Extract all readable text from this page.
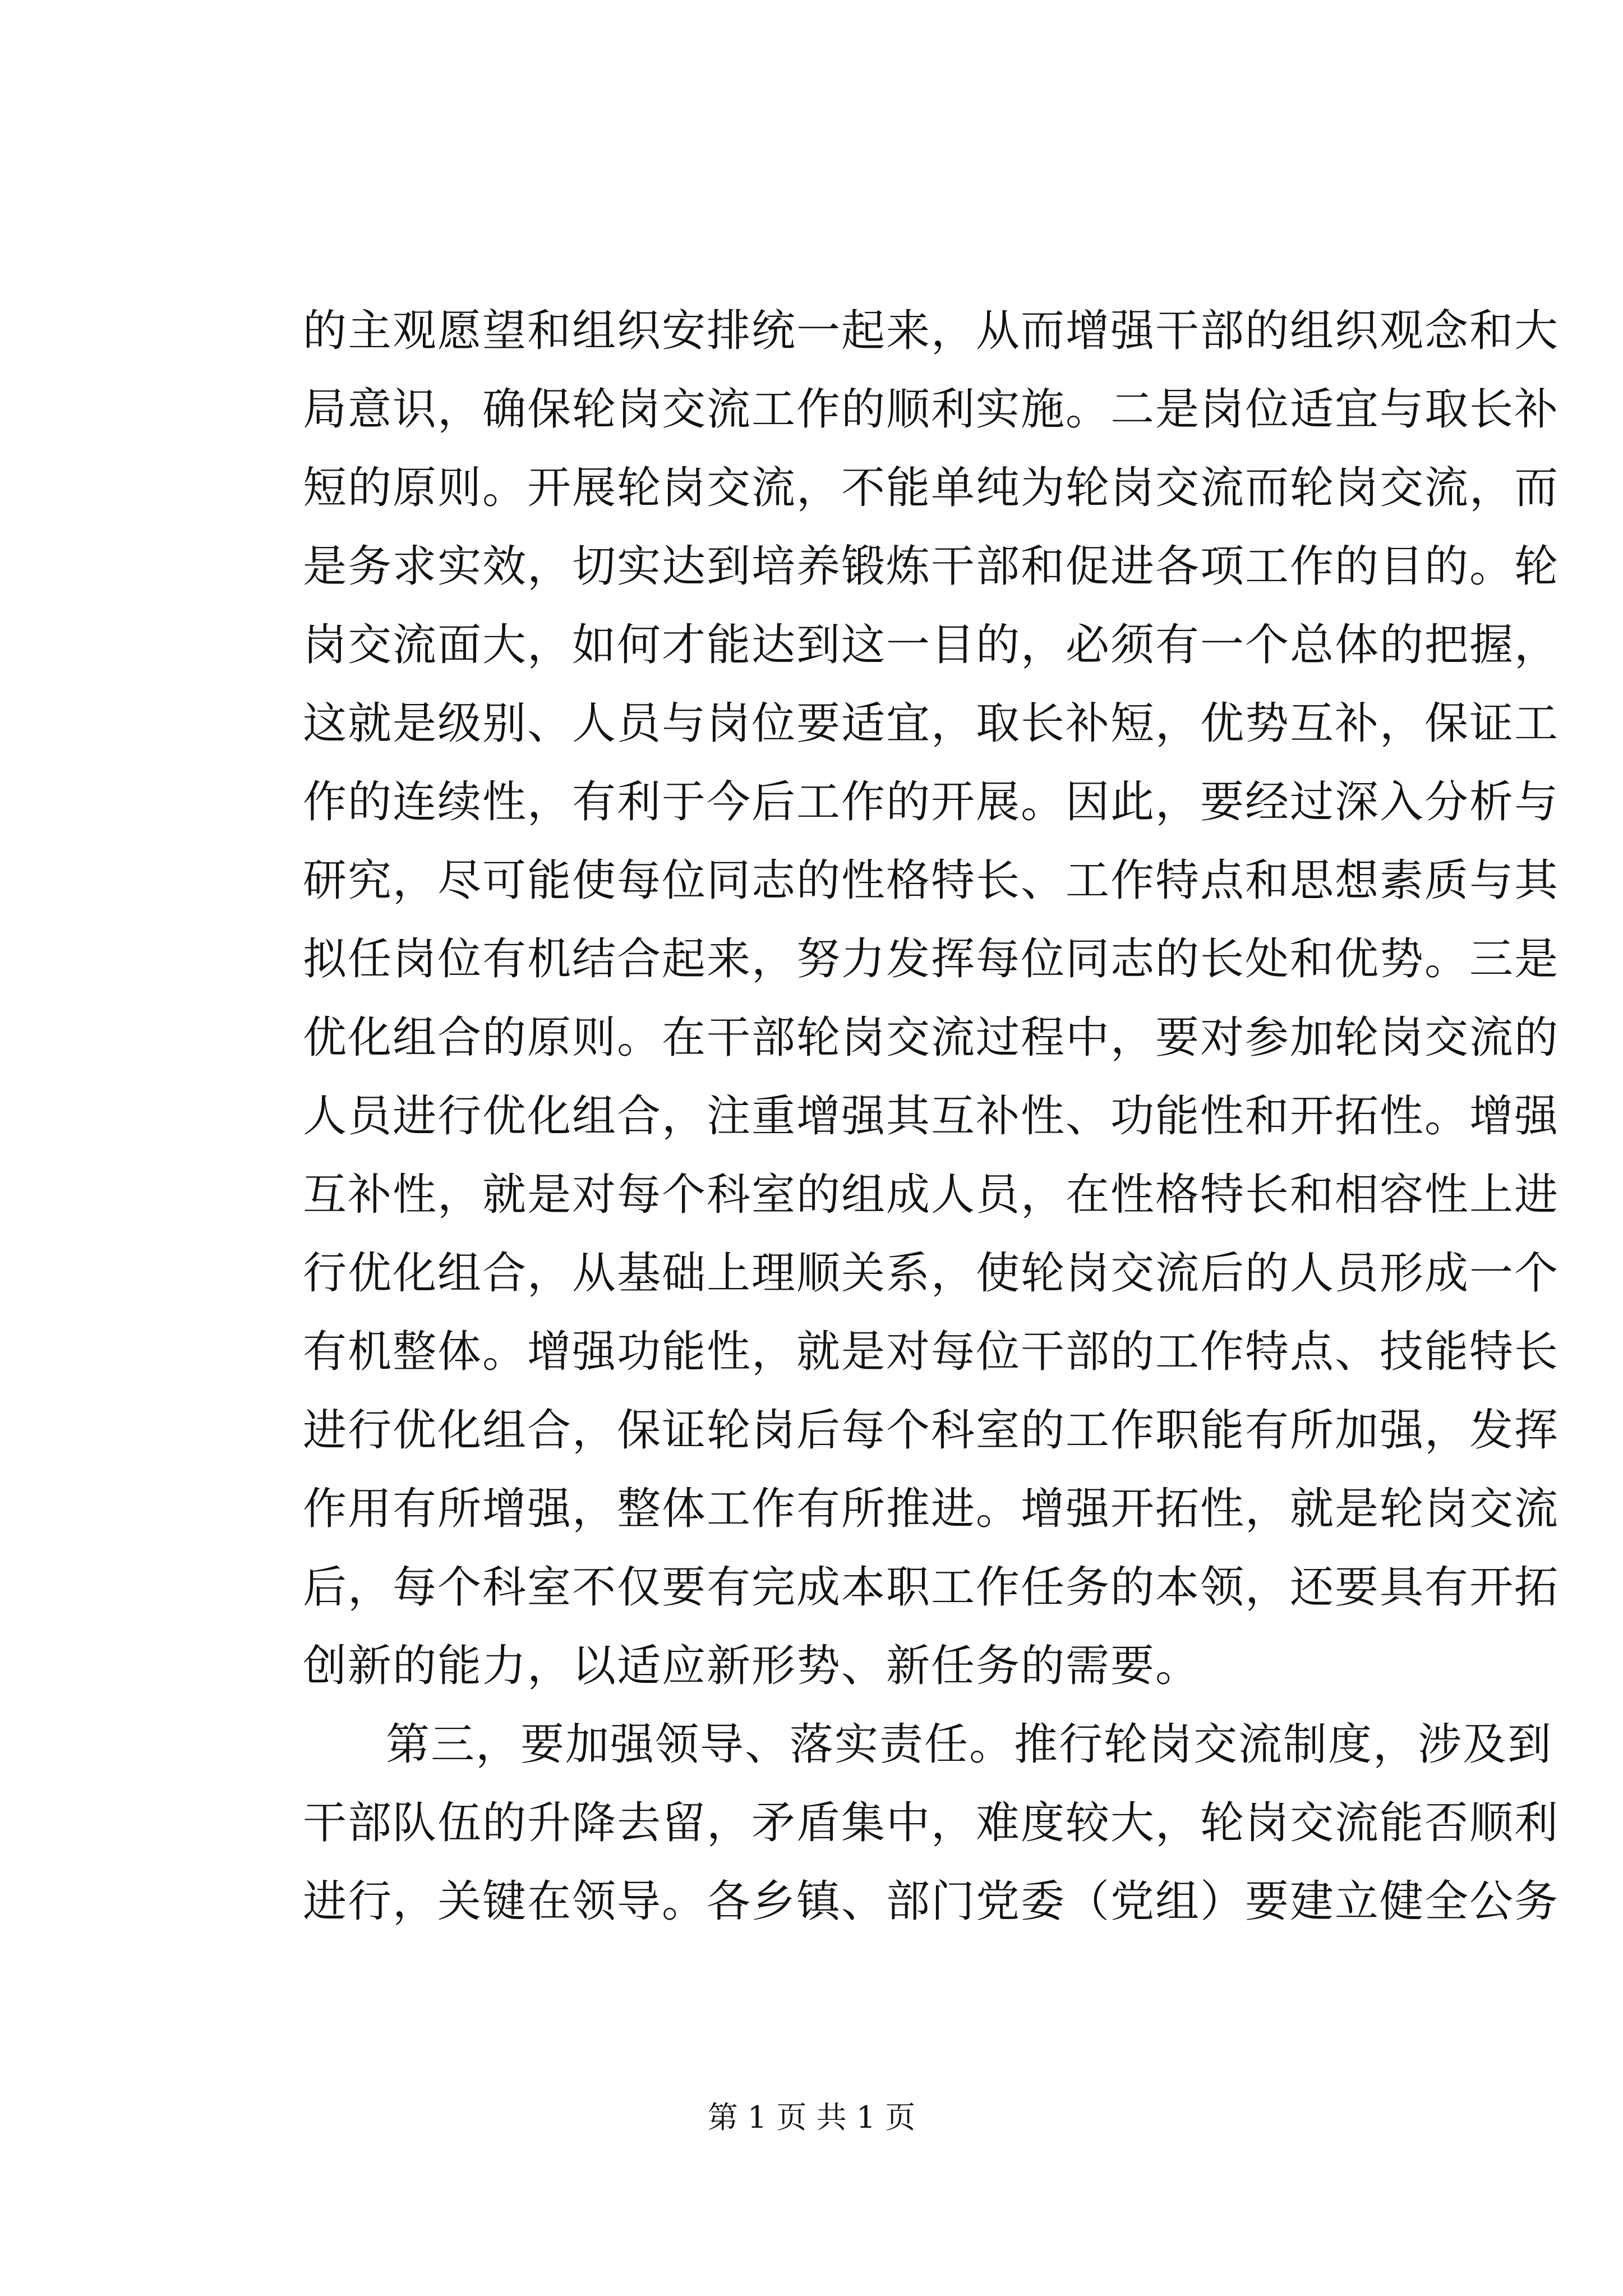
的主观愿望和组织安排统一起来，从而增强干部的组织观念和大
局意识，确保轮岗交流工作的顺利实施。二是岗位适宜与取长补
短的原则。开展轮岗交流，不能单纯为轮岗交流而轮岗交流，而
是务求实效，切实达到培养锻炼干部和促进各项工作的目的。轮
岗交流面大，如何才能达到这一目的，必须有一个总体的把握，
这就是级别、人员与岗位要适宜，取长补短，优势互补，保证工
作的连续性，有利于今后工作的开展。因此，要经过深入分析与
研究，尽可能使每位同志的性格特长、工作特点和思想素质与其
拟任岗位有机结合起来，努力发挥每位同志的长处和优势。三是
优化组合的原则。在干部轮岗交流过程中，要对参加轮岗交流的
人员进行优化组合，注重增强其互补性、功能性和开拓性。增强
互补性，就是对每个科室的组成人员，在性格特长和相容性上进
行优化组合，从基础上理顺关系，使轮岗交流后的人员形成一个
有机整体。增强功能性，就是对每位干部的工作特点、技能特长
进行优化组合，保证轮岗后每个科室的工作职能有所加强，发挥
作用有所增强，整体工作有所推进。增强开拓性，就是轮岗交流
后，每个科室不仅要有完成本职工作任务的本领，还要具有开拓
创新的能力，以适应新形势、新任务的需要。
第三，要加强领导、落实责任。推行轮岗交流制度，涉及到
干部队伍的升降去留，矛盾集中，难度较大，轮岗交流能否顺利
进行，关键在领导。各乡镇、部门党委（党组）要建立健全公务
第 1 页 共 1 页
